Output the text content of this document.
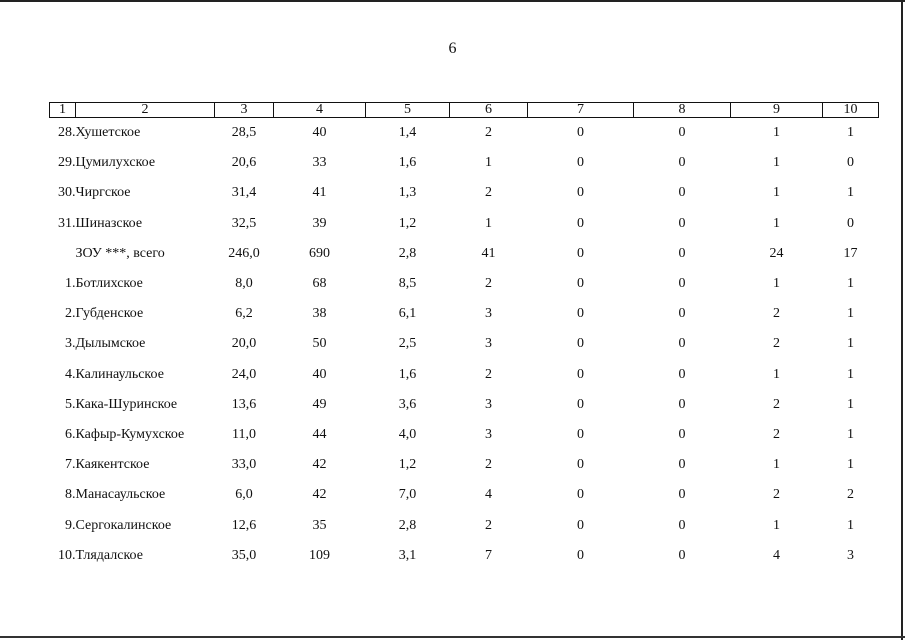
6
1	2	3	4	5	6	7	8	9	10
28.	Хушетское	28,5	40	1,4	2	0	0	1	1
29.	Цумилухское	20,6	33	1,6	1	0	0	1	0
30.	Чиргское	31,4	41	1,3	2	0	0	1	1
31.	Шиназское	32,5	39	1,2	1	0	0	1	0
	ЗОУ ***, всего	246,0	690	2,8	41	0	0	24	17
1.	Ботлихское	8,0	68	8,5	2	0	0	1	1
2.	Губденское	6,2	38	6,1	3	0	0	2	1
3.	Дылымское	20,0	50	2,5	3	0	0	2	1
4.	Калинаульское	24,0	40	1,6	2	0	0	1	1
5.	Кака-Шуринское	13,6	49	3,6	3	0	0	2	1
6.	Кафыр-Кумухское	11,0	44	4,0	3	0	0	2	1
7.	Каякентское	33,0	42	1,2	2	0	0	1	1
8.	Манасаульское	6,0	42	7,0	4	0	0	2	2
9.	Сергокалинское	12,6	35	2,8	2	0	0	1	1
10.	Тлядалское	35,0	109	3,1	7	0	0	4	3
